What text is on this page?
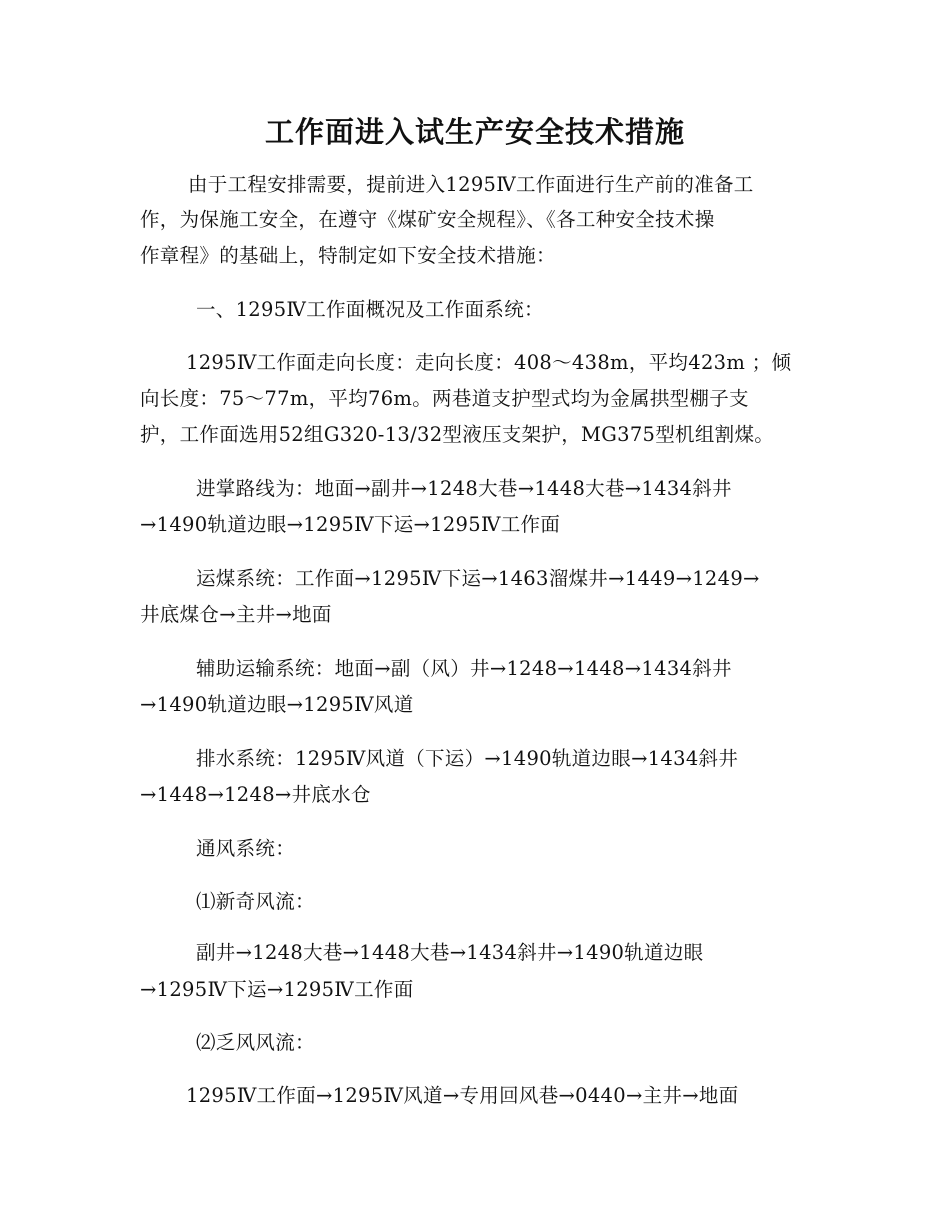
工作面进入试生产安全技术措施
由于工程安排需要，提前进入1295Ⅳ工作面进行生产前的准备工
作，为保施工安全，在遵守《煤矿安全规程》、《各工种安全技术操
作章程》的基础上，特制定如下安全技术措施：
一、1295Ⅳ工作面概况及工作面系统：
1295Ⅳ工作面走向长度：走向长度：408～438m，平均423m ；倾
向长度：75～77m，平均76m。两巷道支护型式均为金属拱型棚子支
护，工作面选用52组G320-13/32型液压支架护，MG375型机组割煤。
进掌路线为：地面→副井→1248大巷→1448大巷→1434斜井
→1490轨道边眼→1295Ⅳ下运→1295Ⅳ工作面
运煤系统：工作面→1295Ⅳ下运→1463溜煤井→1449→1249→
井底煤仓→主井→地面
辅助运输系统：地面→副（风）井→1248→1448→1434斜井
→1490轨道边眼→1295Ⅳ风道
排水系统：1295Ⅳ风道（下运）→1490轨道边眼→1434斜井
→1448→1248→井底水仓
通风系统：
⑴新奇风流：
副井→1248大巷→1448大巷→1434斜井→1490轨道边眼
→1295Ⅳ下运→1295Ⅳ工作面
⑵乏风风流：
1295Ⅳ工作面→1295Ⅳ风道→专用回风巷→0440→主井→地面
